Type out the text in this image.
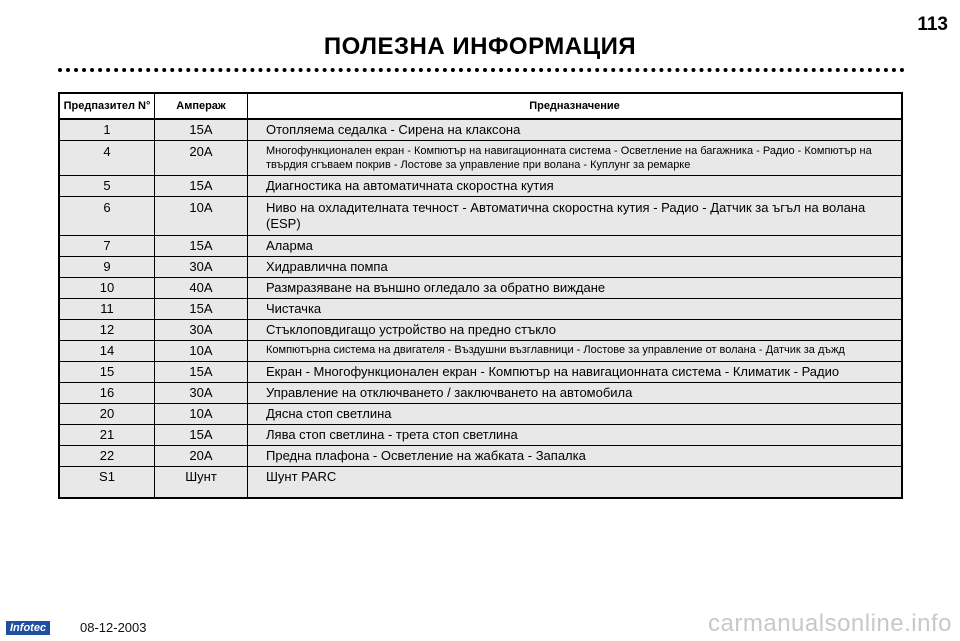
113
ПОЛЕЗНА ИНФОРМАЦИЯ
Предпазител N°	Ампераж	Предназначение
1	15A	Отопляема седалка - Сирена на клаксона
4	20A	Многофункционален екран - Компютър на навигационната система - Осветление на багажника - Радио - Компютър на твърдия сгъваем покрив - Лостове за управление при волана - Куплунг за ремарке
5	15A	Диагностика на автоматичната скоростна кутия
6	10A	Ниво на охладителната течност - Автоматична скоростна кутия - Радио - Датчик за ъгъл на волана (ESP)
7	15A	Аларма
9	30A	Хидравлична помпа
10	40A	Размразяване на външно огледало за обратно виждане
11	15A	Чистачка
12	30A	Стъклоповдигащо устройство на предно стъкло
14	10A	Компютърна система на двигателя - Въздушни възглавници - Лостове за управление от волана - Датчик за дъжд
15	15A	Екран - Многофункционален екран - Компютър на навигационната система - Климатик - Радио
16	30A	Управление на отключването / заключването на автомобила
20	10A	Дясна стоп светлина
21	15A	Лява стоп светлина - трета стоп светлина
22	20A	Предна плафона - Осветление на жабката - Запалка
S1	Шунт	Шунт PARC
Infotec	08-12-2003	carmanualsonline.info
